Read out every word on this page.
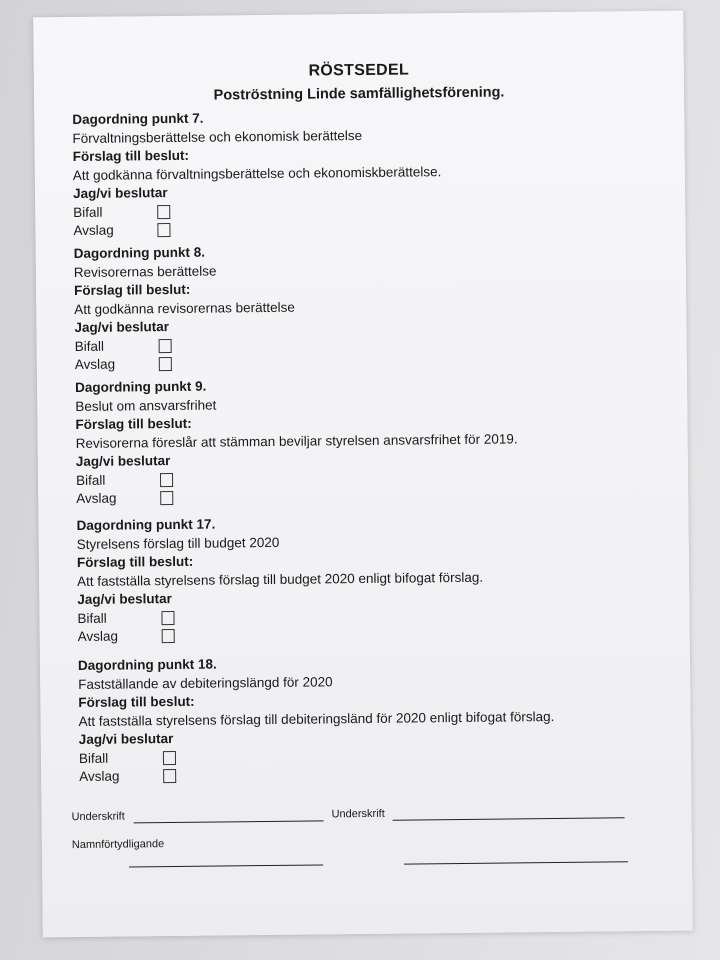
RÖSTSEDEL
Poströstning Linde samfällighetsförening.
Dagordning punkt 7.
Förvaltningsberättelse och ekonomisk berättelse
Förslag till beslut:
Att godkänna förvaltningsberättelse och ekonomiskberättelse.
Jag/vi beslutar
Bifall
Avslag
Dagordning punkt 8.
Revisorernas berättelse
Förslag till beslut:
Att godkänna revisorernas berättelse
Jag/vi beslutar
Bifall
Avslag
Dagordning punkt 9.
Beslut om ansvarsfrihet
Förslag till beslut:
Revisorerna föreslår att stämman beviljar styrelsen ansvarsfrihet för 2019.
Jag/vi beslutar
Bifall
Avslag
Dagordning punkt 17.
Styrelsens förslag till budget 2020
Förslag till beslut:
Att fastställa styrelsens förslag till budget 2020 enligt bifogat förslag.
Jag/vi beslutar
Bifall
Avslag
Dagordning punkt 18.
Fastställande av debiteringslängd för 2020
Förslag till beslut:
Att fastställa styrelsens förslag till debiteringsländ för 2020 enligt bifogat förslag.
Jag/vi beslutar
Bifall
Avslag
Underskrift	Underskrift
Namnförtydligande
